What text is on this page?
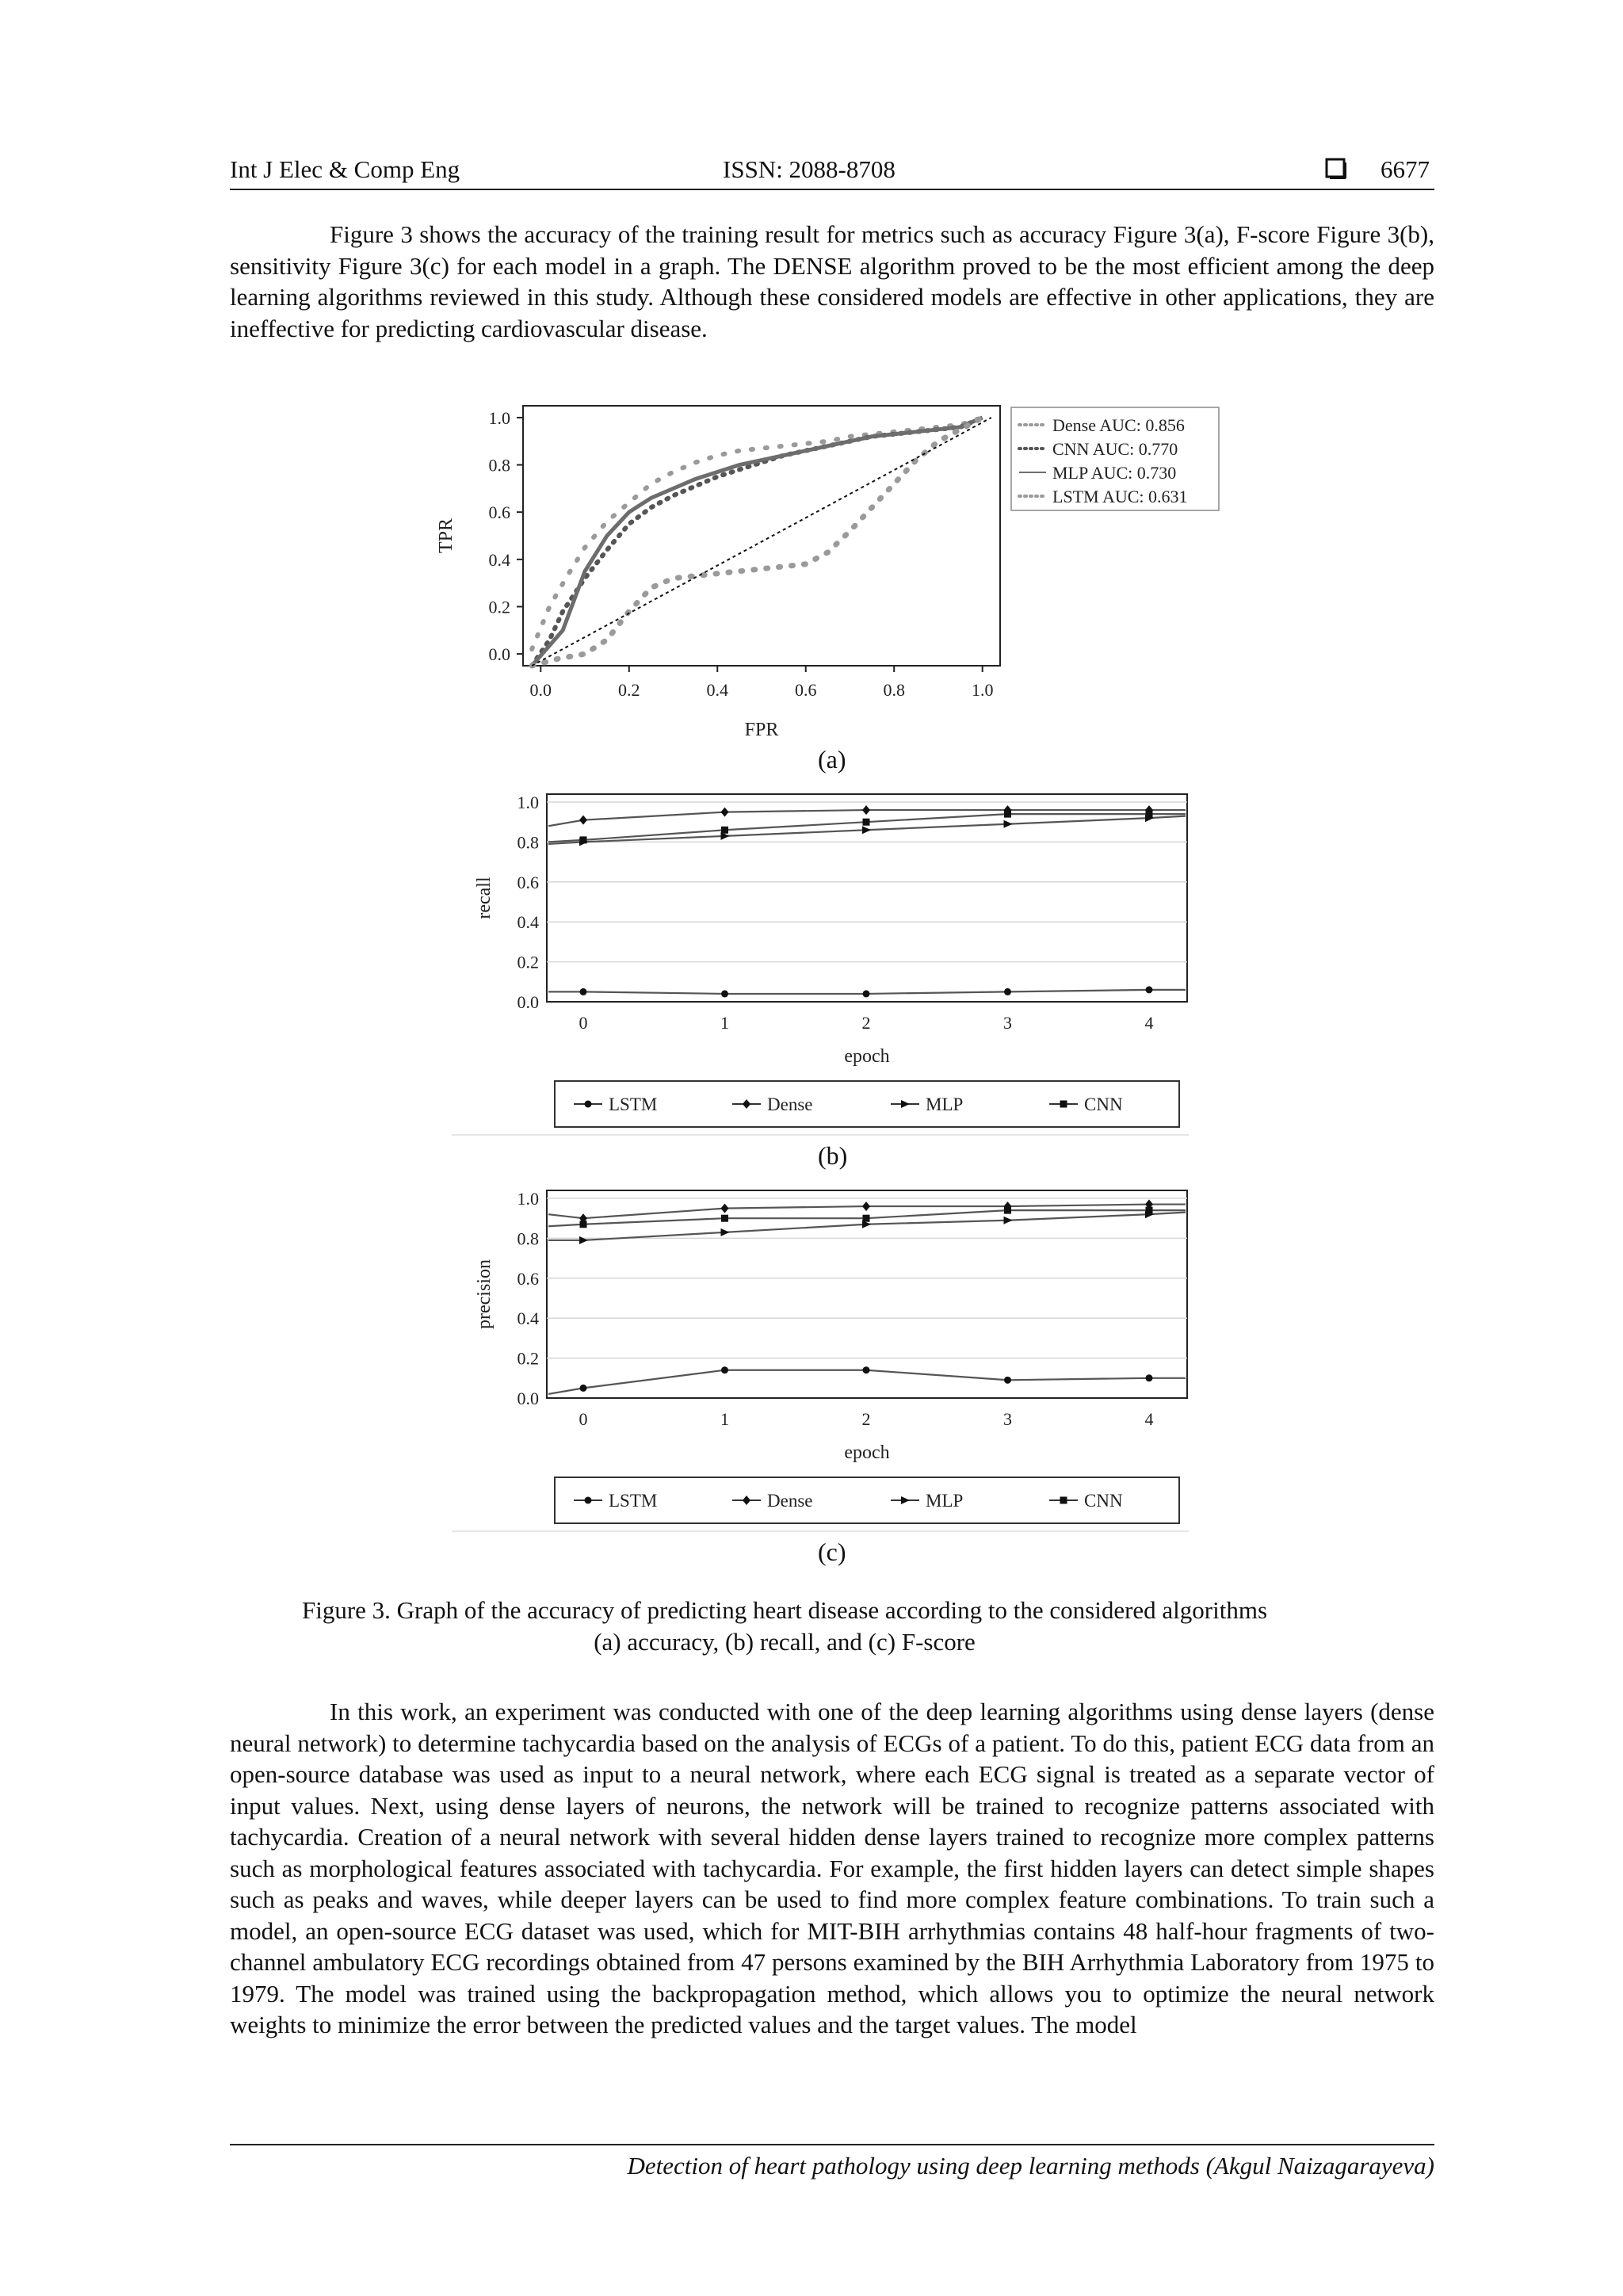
Int J Elec & Comp Eng	ISSN: 2088-8708	6677

Figure 3 shows the accuracy of the training result for metrics such as accuracy Figure 3(a), F-score Figure 3(b), sensitivity Figure 3(c) for each model in a graph. The DENSE algorithm proved to be the most efficient among the deep learning algorithms reviewed in this study. Although these considered models are effective in other applications, they are ineffective for predicting cardiovascular disease.

0.0
0.2
0.4
0.6
0.8
1.0
0.0	0.2	0.4	0.6	0.8	1.0
FPR
TPR
Dense AUC: 0.856
CNN AUC: 0.770
MLP AUC: 0.730
LSTM AUC: 0.631
(a)
0.0
0.2
0.4
0.6
0.8
1.0
0	1	2	3	4
epoch
recall
LSTM	Dense	MLP	CNN
(b)
0.0
0.2
0.4
0.6
0.8
1.0
0	1	2	3	4
epoch
precision
LSTM	Dense	MLP	CNN
(c)
Figure 3. Graph of the accuracy of predicting heart disease according to the considered algorithms
(a) accuracy, (b) recall, and (c) F-score

In this work, an experiment was conducted with one of the deep learning algorithms using dense layers (dense neural network) to determine tachycardia based on the analysis of ECGs of a patient. To do this, patient ECG data from an open-source database was used as input to a neural network, where each ECG signal is treated as a separate vector of input values. Next, using dense layers of neurons, the network will be trained to recognize patterns associated with tachycardia. Creation of a neural network with several hidden dense layers trained to recognize more complex patterns such as morphological features associated with tachycardia. For example, the first hidden layers can detect simple shapes such as peaks and waves, while deeper layers can be used to find more complex feature combinations. To train such a model, an open-source ECG dataset was used, which for MIT-BIH arrhythmias contains 48 half-hour fragments of two-channel ambulatory ECG recordings obtained from 47 persons examined by the BIH Arrhythmia Laboratory from 1975 to 1979. The model was trained using the backpropagation method, which allows you to optimize the neural network weights to minimize the error between the predicted values and the target values. The model

Detection of heart pathology using deep learning methods (Akgul Naizagarayeva)
